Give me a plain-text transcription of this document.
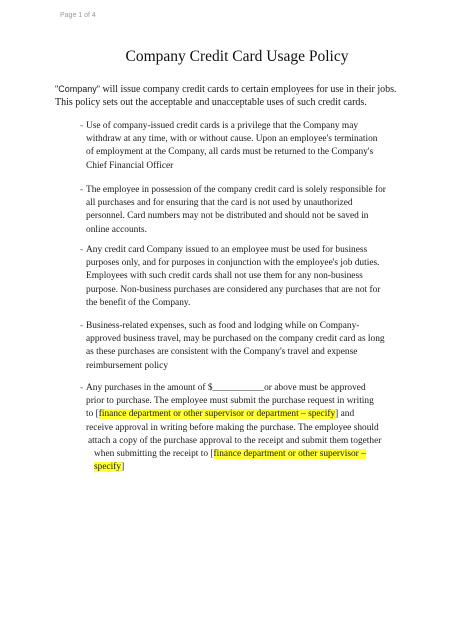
Page 1 of 4
Company Credit Card Usage Policy
"Company" will issue company credit cards to certain employees for use in their jobs. This policy sets out the acceptable and unacceptable uses of such credit cards.
- Use of company-issued credit cards is a privilege that the Company may withdraw at any time, with or without cause. Upon an employee's termination of employment at the Company, all cards must be returned to the Company's Chief Financial Officer
- The employee in possession of the company credit card is solely responsible for all purchases and for ensuring that the card is not used by unauthorized personnel. Card numbers may not be distributed and should not be saved in online accounts.
- Any credit card Company issued to an employee must be used for business purposes only, and for purposes in conjunction with the employee's job duties. Employees with such credit cards shall not use them for any non-business purpose. Non-business purchases are considered any purchases that are not for the benefit of the Company.
- Business-related expenses, such as food and lodging while on Company-approved business travel, may be purchased on the company credit card as long as these purchases are consistent with the Company's travel and expense reimbursement policy
- Any purchases in the amount of $___________or above must be approved
prior to purchase. The employee must submit the purchase request in writing
to [finance department or other supervisor or department – specify] and
receive approval in writing before making the purchase. The employee should
attach a copy of the purchase approval to the receipt and submit them together
when submitting the receipt to [finance department or other supervisor –
specify]
